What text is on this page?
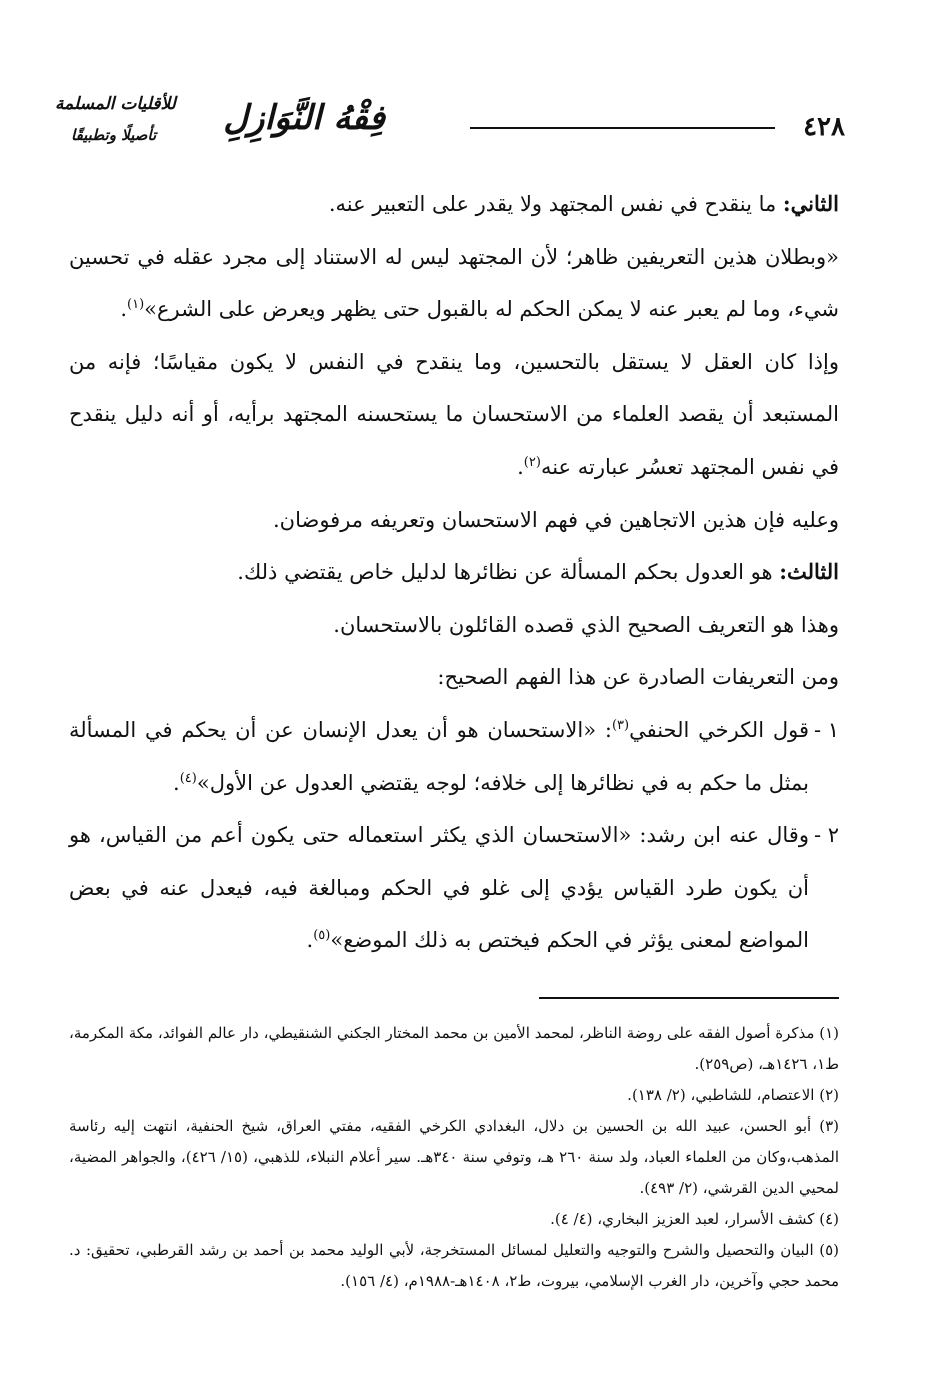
٤٢٨
فِقْهُ النَّوَازِلِ
للأقليات المسلمة
تأصيلًا وتطبيقًا

الثاني: ما ينقدح في نفس المجتهد ولا يقدر على التعبير عنه.

«وبطلان هذين التعريفين ظاهر؛ لأن المجتهد ليس له الاستناد إلى مجرد عقله في تحسين شيء، وما لم يعبر عنه لا يمكن الحكم له بالقبول حتى يظهر ويعرض على الشرع»$^{(١)}$.

وإذا كان العقل لا يستقل بالتحسين، وما ينقدح في النفس لا يكون مقياسًا؛ فإنه من المستبعد أن يقصد العلماء من الاستحسان ما يستحسنه المجتهد برأيه، أو أنه دليل ينقدح في نفس المجتهد تعسُر عبارته عنه$^{(٢)}$.

وعليه فإن هذين الاتجاهين في فهم الاستحسان وتعريفه مرفوضان.

الثالث: هو العدول بحكم المسألة عن نظائرها لدليل خاص يقتضي ذلك.

وهذا هو التعريف الصحيح الذي قصده القائلون بالاستحسان.

ومن التعريفات الصادرة عن هذا الفهم الصحيح:

١ -
قول الكرخي الحنفي$^{(٣)}$: «الاستحسان هو أن يعدل الإنسان عن أن يحكم في المسألة بمثل ما حكم به في نظائرها إلى خلافه؛ لوجه يقتضي العدول عن الأول»$^{(٤)}$.

٢ -
وقال عنه ابن رشد: «الاستحسان الذي يكثر استعماله حتى يكون أعم من القياس، هو أن يكون طرد القياس يؤدي إلى غلو في الحكم ومبالغة فيه، فيعدل عنه في بعض المواضع لمعنى يؤثر في الحكم فيختص به ذلك الموضع»$^{(٥)}$.

(١) مذكرة أصول الفقه على روضة الناظر، لمحمد الأمين بن محمد المختار الجكني الشنقيطي، دار عالم الفوائد، مكة المكرمة، ط١، ١٤٢٦هـ، (ص٢٥٩).

(٢) الاعتصام، للشاطبي، (٢/ ١٣٨).

(٣) أبو الحسن، عبيد الله بن الحسين بن دلال، البغدادي الكرخي الفقيه، مفتي العراق، شيخ الحنفية، انتهت إليه رئاسة المذهب،وكان من العلماء العباد، ولد سنة ٢٦٠ هـ، وتوفي سنة ٣٤٠هـ. سير أعلام النبلاء، للذهبي، (١٥/ ٤٢٦)، والجواهر المضية، لمحيي الدين القرشي، (٢/ ٤٩٣).

(٤) كشف الأسرار، لعبد العزيز البخاري، (٤/ ٤).

(٥) البيان والتحصيل والشرح والتوجيه والتعليل لمسائل المستخرجة، لأبي الوليد محمد بن أحمد بن رشد القرطبي، تحقيق: د. محمد حجي وآخرين، دار الغرب الإسلامي، بيروت، ط٢، ١٤٠٨هـ-١٩٨٨م، (٤/ ١٥٦).
